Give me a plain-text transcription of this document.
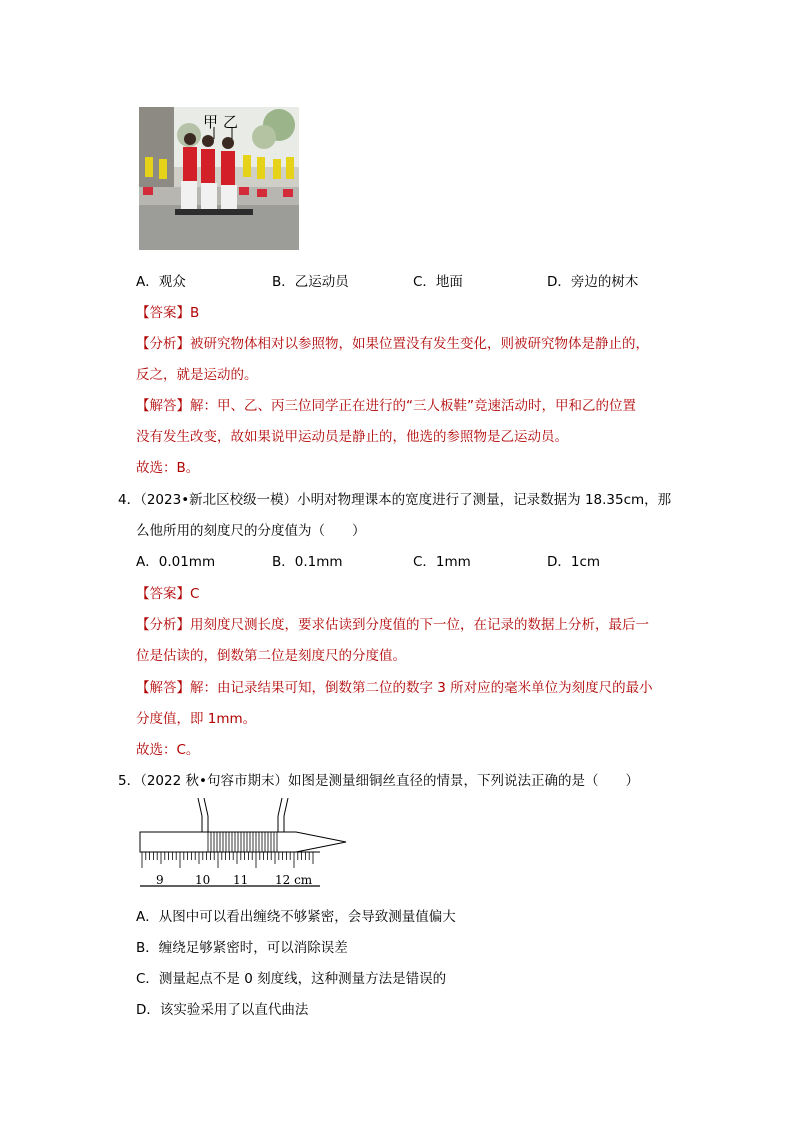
甲 乙
A．观众	B．乙运动员	C．地面	D．旁边的树木
【答案】B
【分析】被研究物体相对以参照物，如果位置没有发生变化，则被研究物体是静止的，
反之，就是运动的。
【解答】解：甲、乙、丙三位同学正在进行的“三人板鞋”竞速活动时，甲和乙的位置
没有发生改变，故如果说甲运动员是静止的，他选的参照物是乙运动员。
故选：B。
4．（2023•新北区校级一模）小明对物理课本的宽度进行了测量，记录数据为 18.35cm，那
么他所用的刻度尺的分度值为（　　）
A．0.01mm	B．0.1mm	C．1mm	D．1cm
【答案】C
【分析】用刻度尺测长度，要求估读到分度值的下一位，在记录的数据上分析，最后一
位是估读的，倒数第二位是刻度尺的分度值。
【解答】解：由记录结果可知，倒数第二位的数字 3 所对应的毫米单位为刻度尺的最小
分度值，即 1mm。
故选：C。
5．（2022 秋•句容市期末）如图是测量细铜丝直径的情景，下列说法正确的是（　　）
9	10 11 12 cm
A．从图中可以看出缠绕不够紧密，会导致测量值偏大
B．缠绕足够紧密时，可以消除误差
C．测量起点不是 0 刻度线，这种测量方法是错误的
D．该实验采用了以直代曲法
